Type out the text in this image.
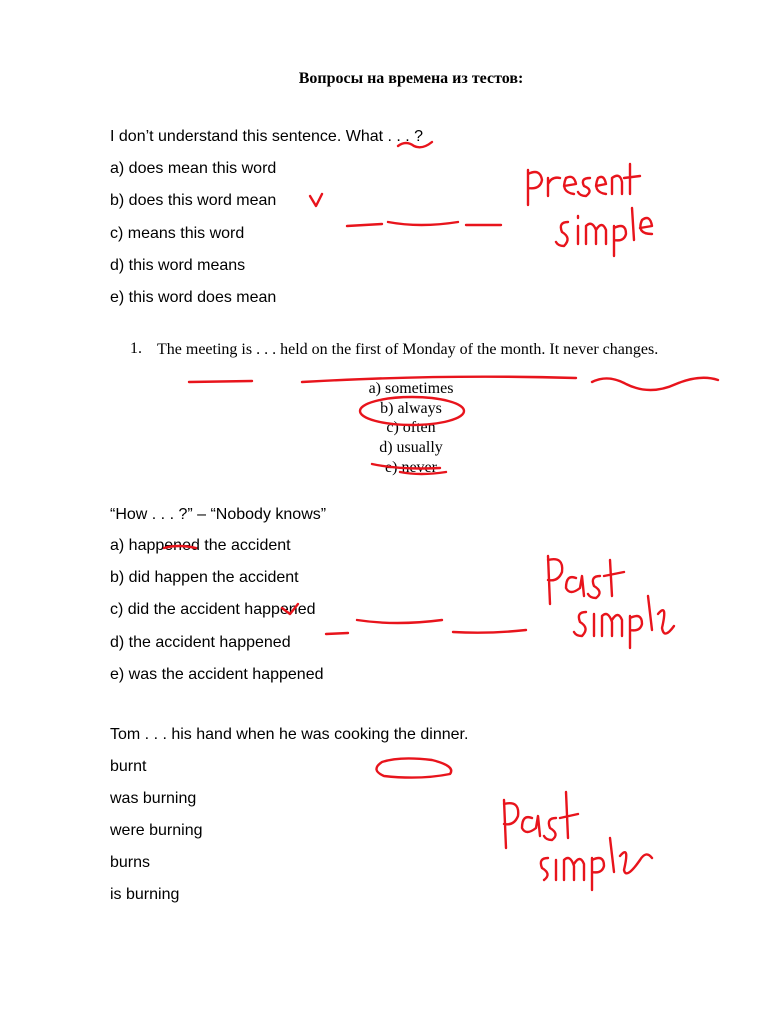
Вопросы на времена из тестов:
I don’t understand this sentence. What . . . ?
a) does mean this word
b) does this word mean
c) means this word
d) this word means
e) this word does mean
1. The meeting is . . . held on the first of Monday of the month. It never changes.
a) sometimes
b) always
c) often
d) usually
e) never
“How . . . ?” – “Nobody knows”
a) happened the accident
b) did happen the accident
c) did the accident happened
d) the accident happened
e) was the accident happened
Tom . . . his hand when he was cooking the dinner.
burnt
was burning
were burning
burns
is burning
